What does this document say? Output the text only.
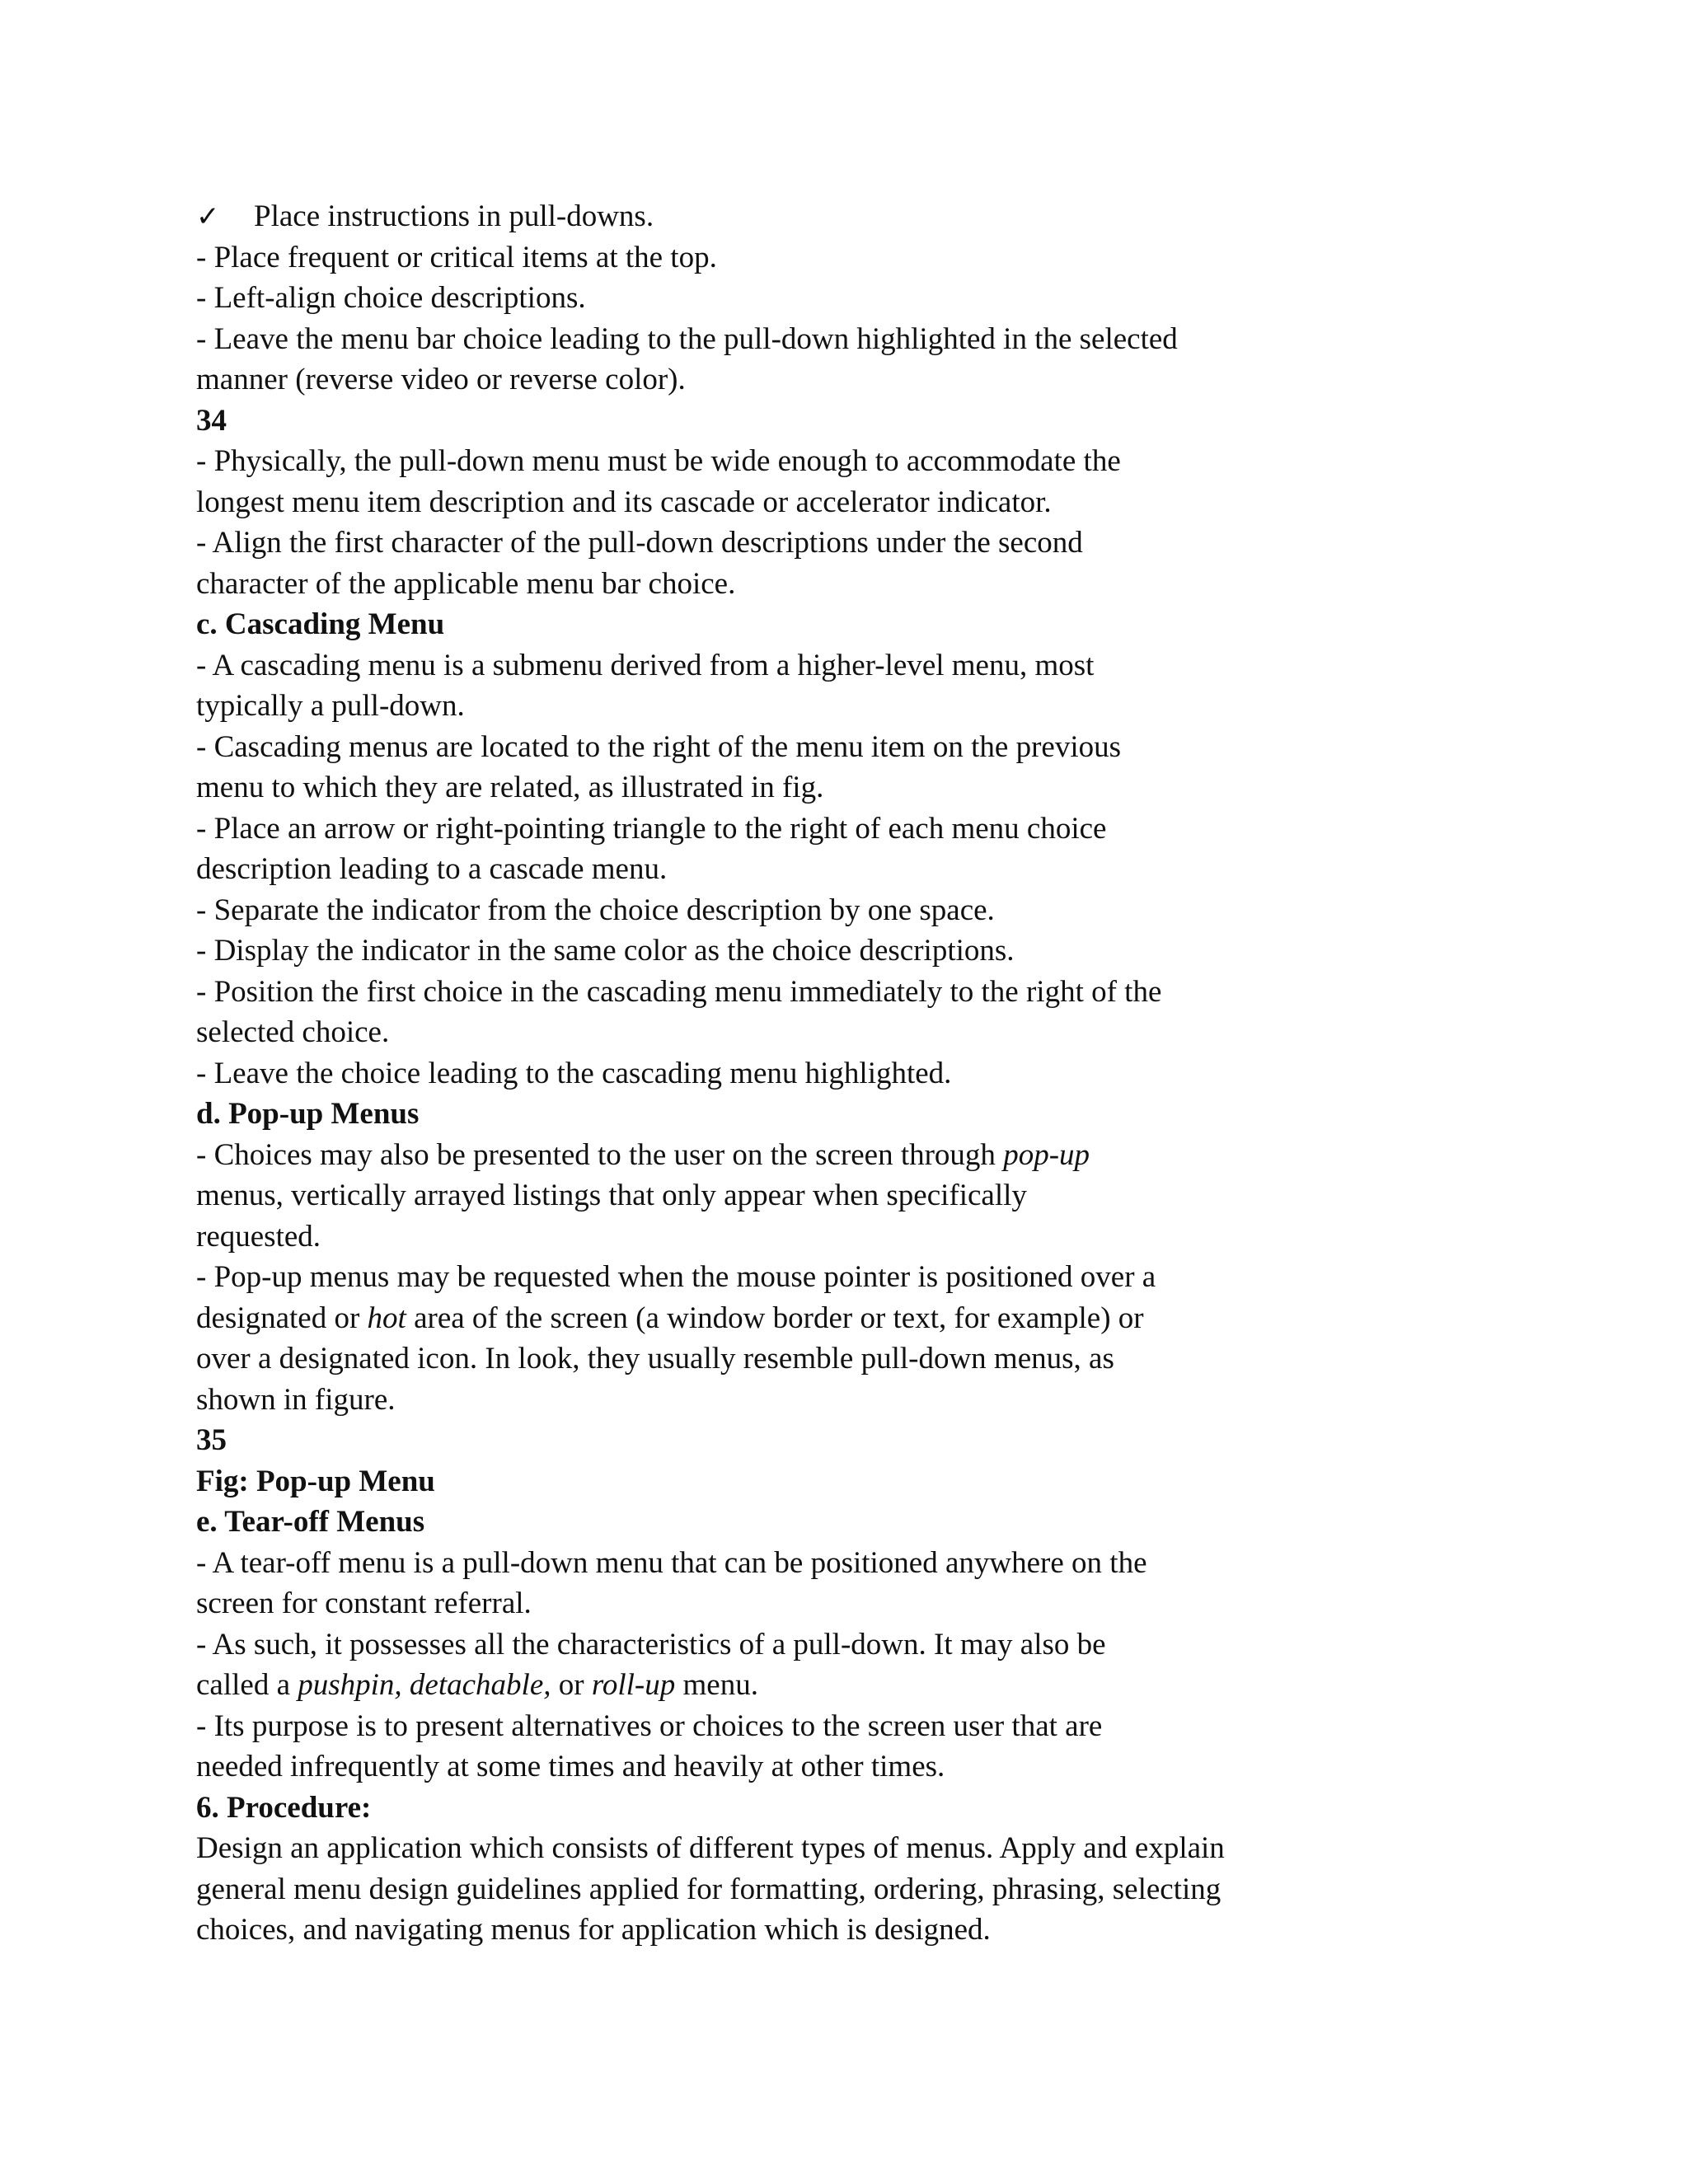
✓ Place instructions in pull-downs.
- Place frequent or critical items at the top.
- Left-align choice descriptions.
- Leave the menu bar choice leading to the pull-down highlighted in the selected
manner (reverse video or reverse color).
34
- Physically, the pull-down menu must be wide enough to accommodate the
longest menu item description and its cascade or accelerator indicator.
- Align the first character of the pull-down descriptions under the second
character of the applicable menu bar choice.
c. Cascading Menu
- A cascading menu is a submenu derived from a higher-level menu, most
typically a pull-down.
- Cascading menus are located to the right of the menu item on the previous
menu to which they are related, as illustrated in fig.
- Place an arrow or right-pointing triangle to the right of each menu choice
description leading to a cascade menu.
- Separate the indicator from the choice description by one space.
- Display the indicator in the same color as the choice descriptions.
- Position the first choice in the cascading menu immediately to the right of the
selected choice.
- Leave the choice leading to the cascading menu highlighted.
d. Pop-up Menus
- Choices may also be presented to the user on the screen through pop-up
menus, vertically arrayed listings that only appear when specifically
requested.
- Pop-up menus may be requested when the mouse pointer is positioned over a
designated or hot area of the screen (a window border or text, for example) or
over a designated icon. In look, they usually resemble pull-down menus, as
shown in figure.
35
Fig: Pop-up Menu
e. Tear-off Menus
- A tear-off menu is a pull-down menu that can be positioned anywhere on the
screen for constant referral.
- As such, it possesses all the characteristics of a pull-down. It may also be
called a pushpin, detachable, or roll-up menu.
- Its purpose is to present alternatives or choices to the screen user that are
needed infrequently at some times and heavily at other times.
6. Procedure:
Design an application which consists of different types of menus. Apply and explain
general menu design guidelines applied for formatting, ordering, phrasing, selecting
choices, and navigating menus for application which is designed.
